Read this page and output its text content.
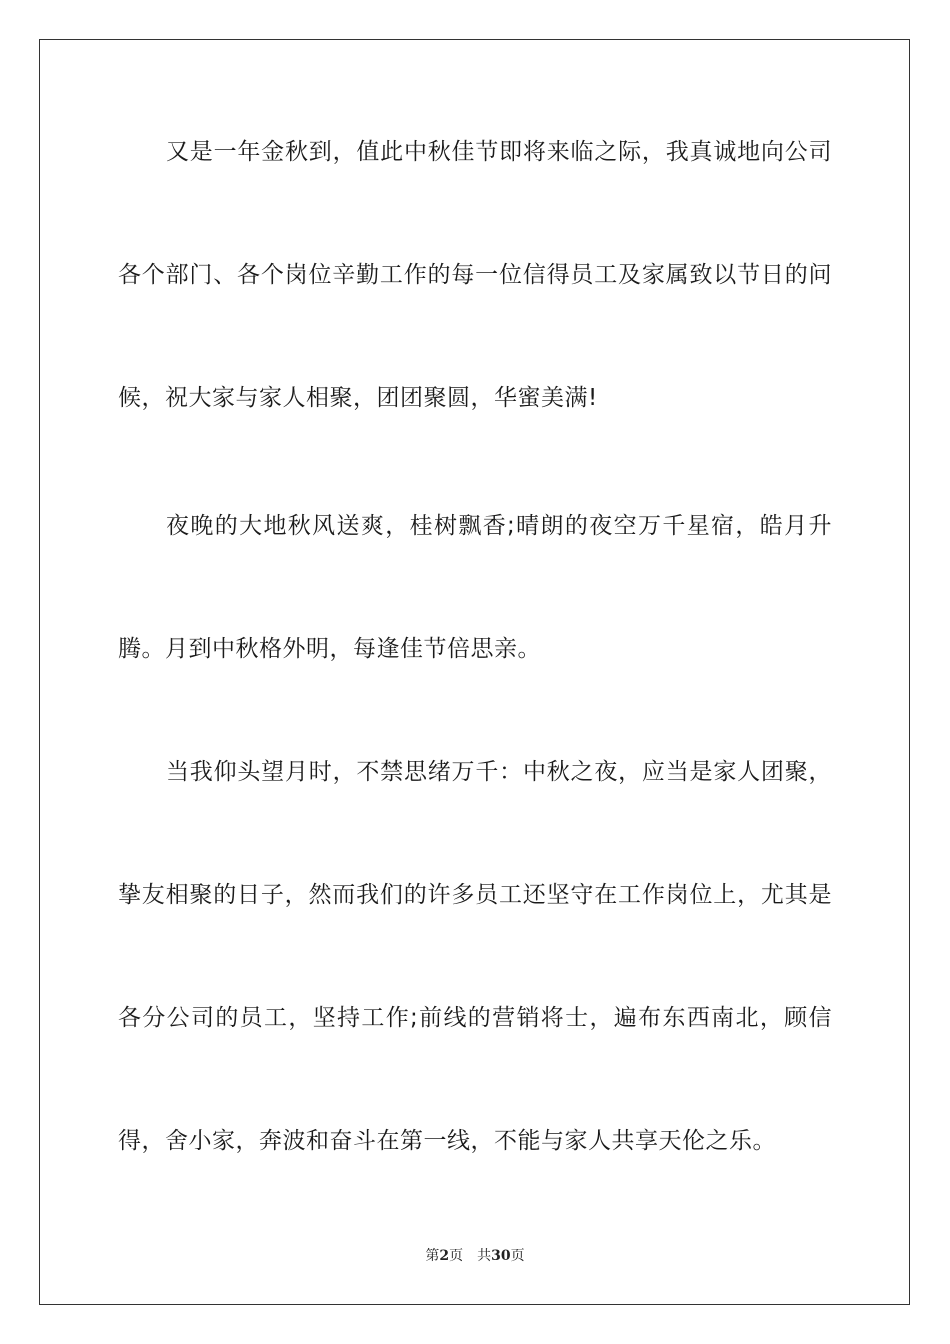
又是一年金秋到，值此中秋佳节即将来临之际，我真诚地向公司
各个部门、各个岗位辛勤工作的每一位信得员工及家属致以节日的问
候，祝大家与家人相聚，团团聚圆，华蜜美满!
夜晚的大地秋风送爽，桂树飘香;晴朗的夜空万千星宿，皓月升
腾。月到中秋格外明，每逢佳节倍思亲。
当我仰头望月时，不禁思绪万千：中秋之夜，应当是家人团聚，
挚友相聚的日子，然而我们的许多员工还坚守在工作岗位上，尤其是
各分公司的员工，坚持工作;前线的营销将士，遍布东西南北，顾信
得，舍小家，奔波和奋斗在第一线，不能与家人共享天伦之乐。
第2页 共30页
